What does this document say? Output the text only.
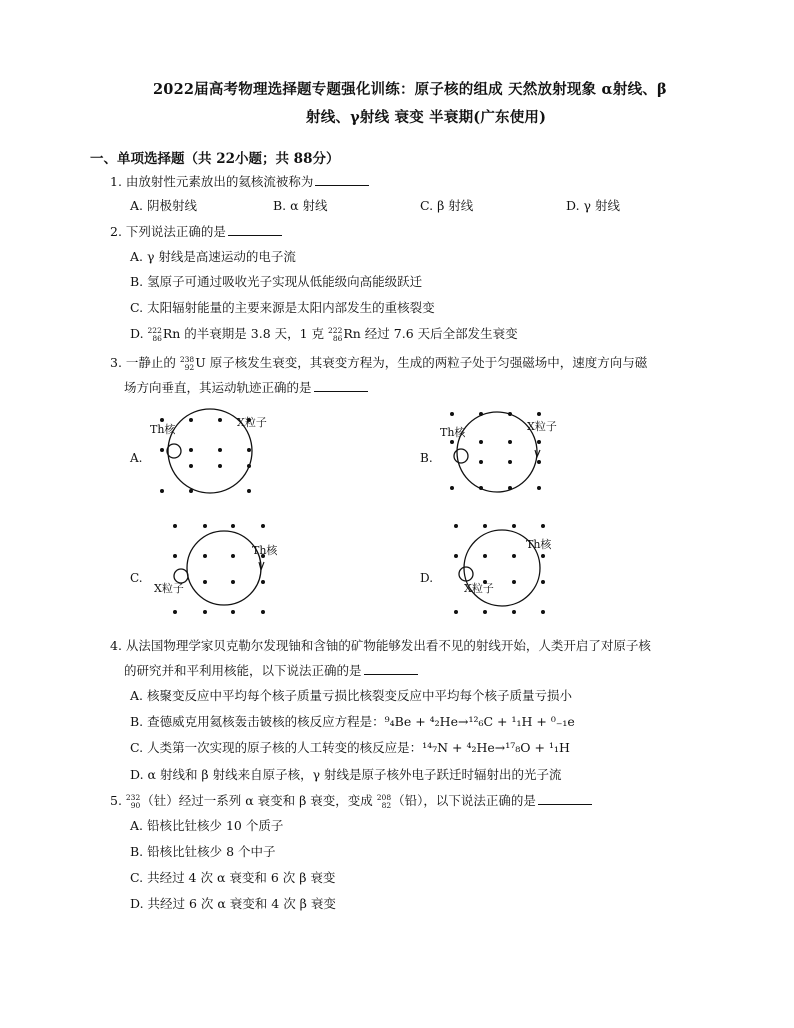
2022届高考物理选择题专题强化训练：原子核的组成 天然放射现象 α射线、β
射线、γ射线 衰变 半衰期(广东使用)
一、单项选择题（共 22小题；共 88分）
1. 由放射性元素放出的氦核流被称为
A. 阴极射线	B. α 射线	C. β 射线	D. γ 射线
2. 下列说法正确的是
A. γ 射线是高速运动的电子流
B. 氢原子可通过吸收光子实现从低能级向高能级跃迁
C. 太阳辐射能量的主要来源是太阳内部发生的重核裂变
D. 222
86 Rn 的半衰期是 3.8 天，1 克 222
86 Rn 经过 7.6 天后全部发生衰变
3. 一静止的 238
92 U 原子核发生衰变，其衰变方程为，生成的两粒子处于匀强磁场中，速度方向与磁
场方向垂直，其运动轨迹正确的是
Th核
X粒子
A.
Th核	X粒子
B.
Th核
X粒子
C.
Th核
X粒子
D.
4. 从法国物理学家贝克勒尔发现铀和含铀的矿物能够发出看不见的射线开始，人类开启了对原子核
的研究并和平利用核能，以下说法正确的是
A. 核聚变反应中平均每个核子质量亏损比核裂变反应中平均每个核子质量亏损小
B. 查德威克用氦核轰击铍核的核反应方程是：⁹₄Be + ⁴₂He→¹²₆C + ¹₁H + ⁰₋₁e
C. 人类第一次实现的原子核的人工转变的核反应是：¹⁴₇N + ⁴₂He→¹⁷₈O + ¹₁H
D. α 射线和 β 射线来自原子核，γ 射线是原子核外电子跃迁时辐射出的光子流
5. 232
90 （钍）经过一系列 α 衰变和 β 衰变，变成 208
82 （铅），以下说法正确的是
A. 铅核比钍核少 10 个质子
B. 铅核比钍核少 8 个中子
C. 共经过 4 次 α 衰变和 6 次 β 衰变
D. 共经过 6 次 α 衰变和 4 次 β 衰变
